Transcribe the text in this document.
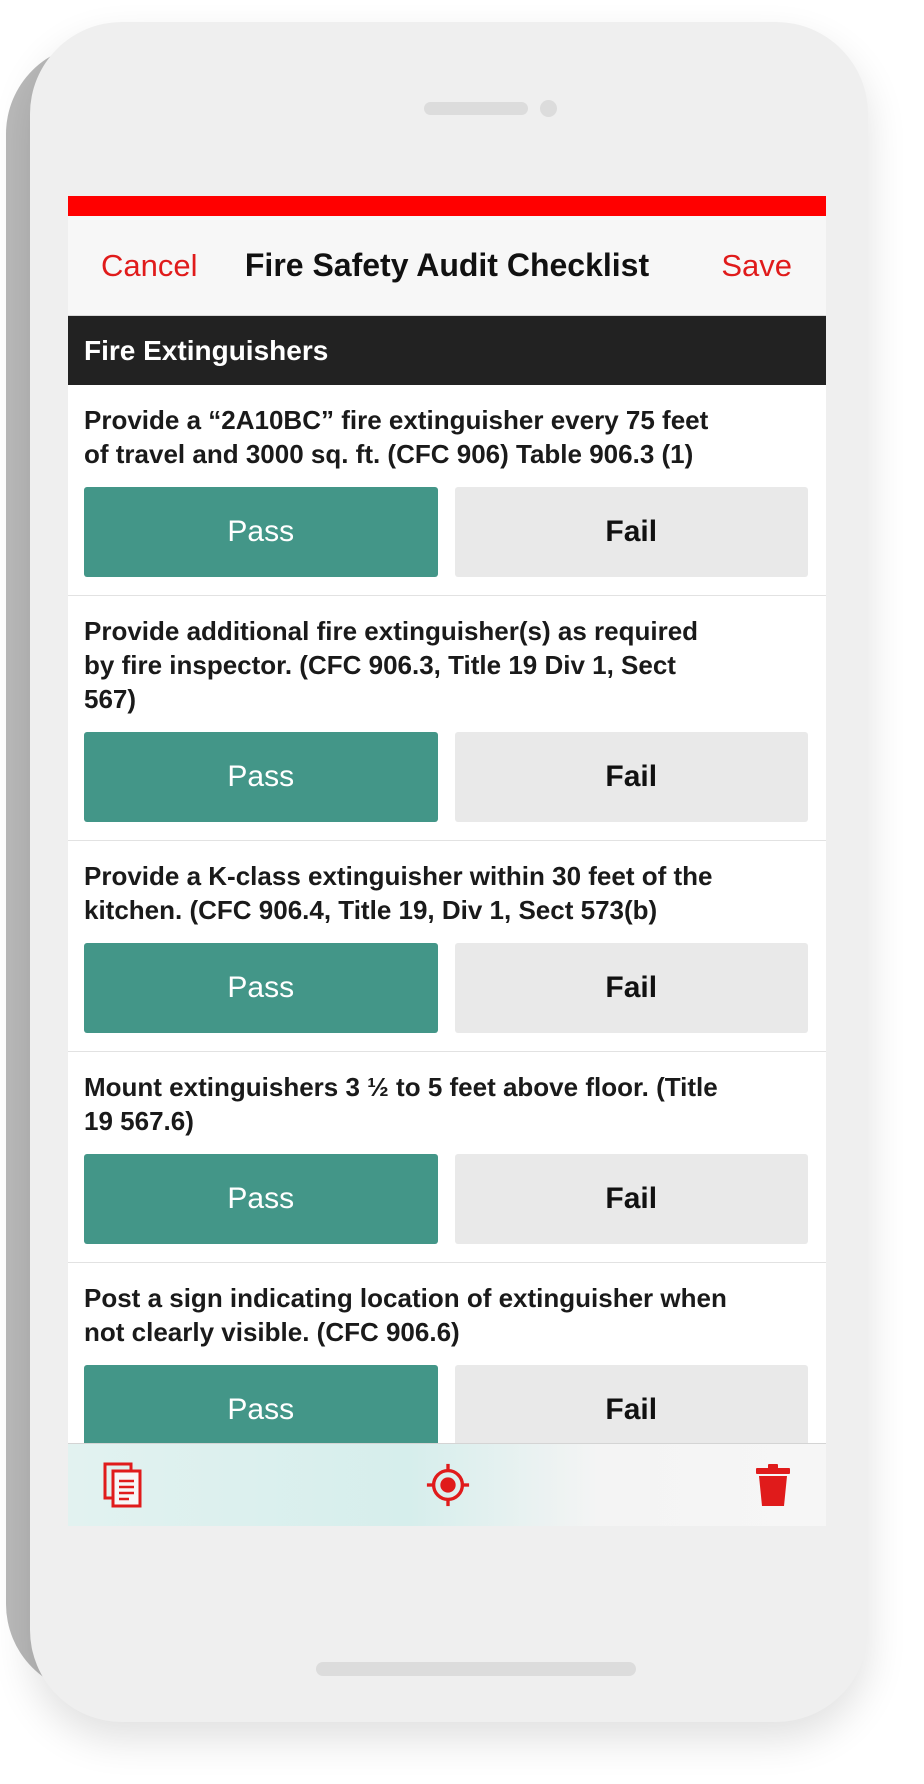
Cancel	Fire Safety Audit Checklist	Save
Fire Extinguishers
Provide a “2A10BC” fire extinguisher every 75 feet of travel and 3000 sq. ft. (CFC 906) Table 906.3 (1)
Pass	Fail
Provide additional fire extinguisher(s) as required by fire inspector. (CFC 906.3, Title 19 Div 1, Sect 567)
Pass	Fail
Provide a K-class extinguisher within 30 feet of the kitchen. (CFC 906.4, Title 19, Div 1, Sect 573(b)
Pass	Fail
Mount extinguishers 3 ½ to 5 feet above floor. (Title 19 567.6)
Pass	Fail
Post a sign indicating location of extinguisher when not clearly visible. (CFC 906.6)
Pass	Fail
